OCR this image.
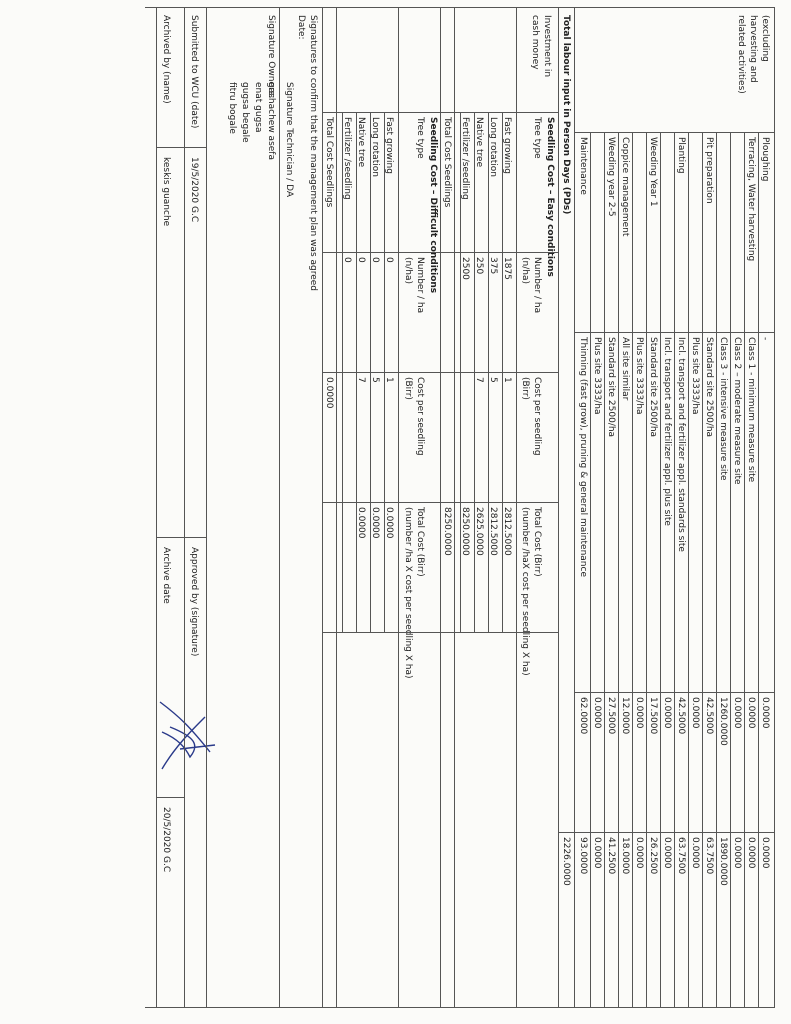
(excluding
harvesting and
related activities)
Ploughing
-
0.0000
0.0000
Terracing, Water harvesting
Class 1 - minimum measure site
0.0000
0.0000
Class 2 – moderate measure site
0.0000
0.0000
Class 3 - intensive measure site
1260.0000
1890.0000
Pit preparation
Standard site 2500/ha
42.5000
63.7500
Plus site 3333/ha
0.0000
0.0000
Planting
Incl. transport and fertilizer appl. standards site
42.5000
63.7500
Incl. transport and fertilizer appl. plus site
0.0000
0.0000
Weeding Year 1
Standard site 2500/ha
17.5000
26.2500
Plus site 3333/ha
0.0000
0.0000
Coppice management
All site similar
12.0000
18.0000
Weeding year 2-5
Standard site 2500/ha
27.5000
41.2500
Plus site 3333/ha
0.0000
0.0000
Maintenance
Thinning (fast grow), pruning & general maintenance
62.0000
93.0000
Total labour input in Person Days (PDs)
2226.0000
Investment in
cash money
Seedling Cost – Easy conditions
Tree type
Number / ha
(n/ha)
Cost per seedling
(Birr)
Total Cost (Birr)
(number /haX cost per seedling X ha)
Fast growing
1875
1
2812.5000
Long rotation
375
5
2812.5000
Native tree
250
7
2625.0000
Fertilizer /seedling
2500
8250.0000
Total Cost Seedlings
8250.0000
Seedling Cost – Difficult conditions
Tree type
Number / ha
(n/ha)
Cost per seedling
(Birr)
Total Cost (Birr)
(number /ha X cost per seedling X ha)
Fast growing
0
1
0.0000
Long rotation
0
5
0.0000
Native tree
0
7
0.0000
Fertilizer /seedling
0
Total Cost Seedlings
0.0000
Signatures to confirm that the management plan was agreed
Date:
Signature Technician / DA
Signature Owners:
gashachew asefa
enat gugsa
gugsa begale
fitru bogale
Submitted to WCU (date)
19/5/2020 G.C
Approved by (signature)
Archived by (name)
keskis guanche
Archive date
20/5/2020 G.C
